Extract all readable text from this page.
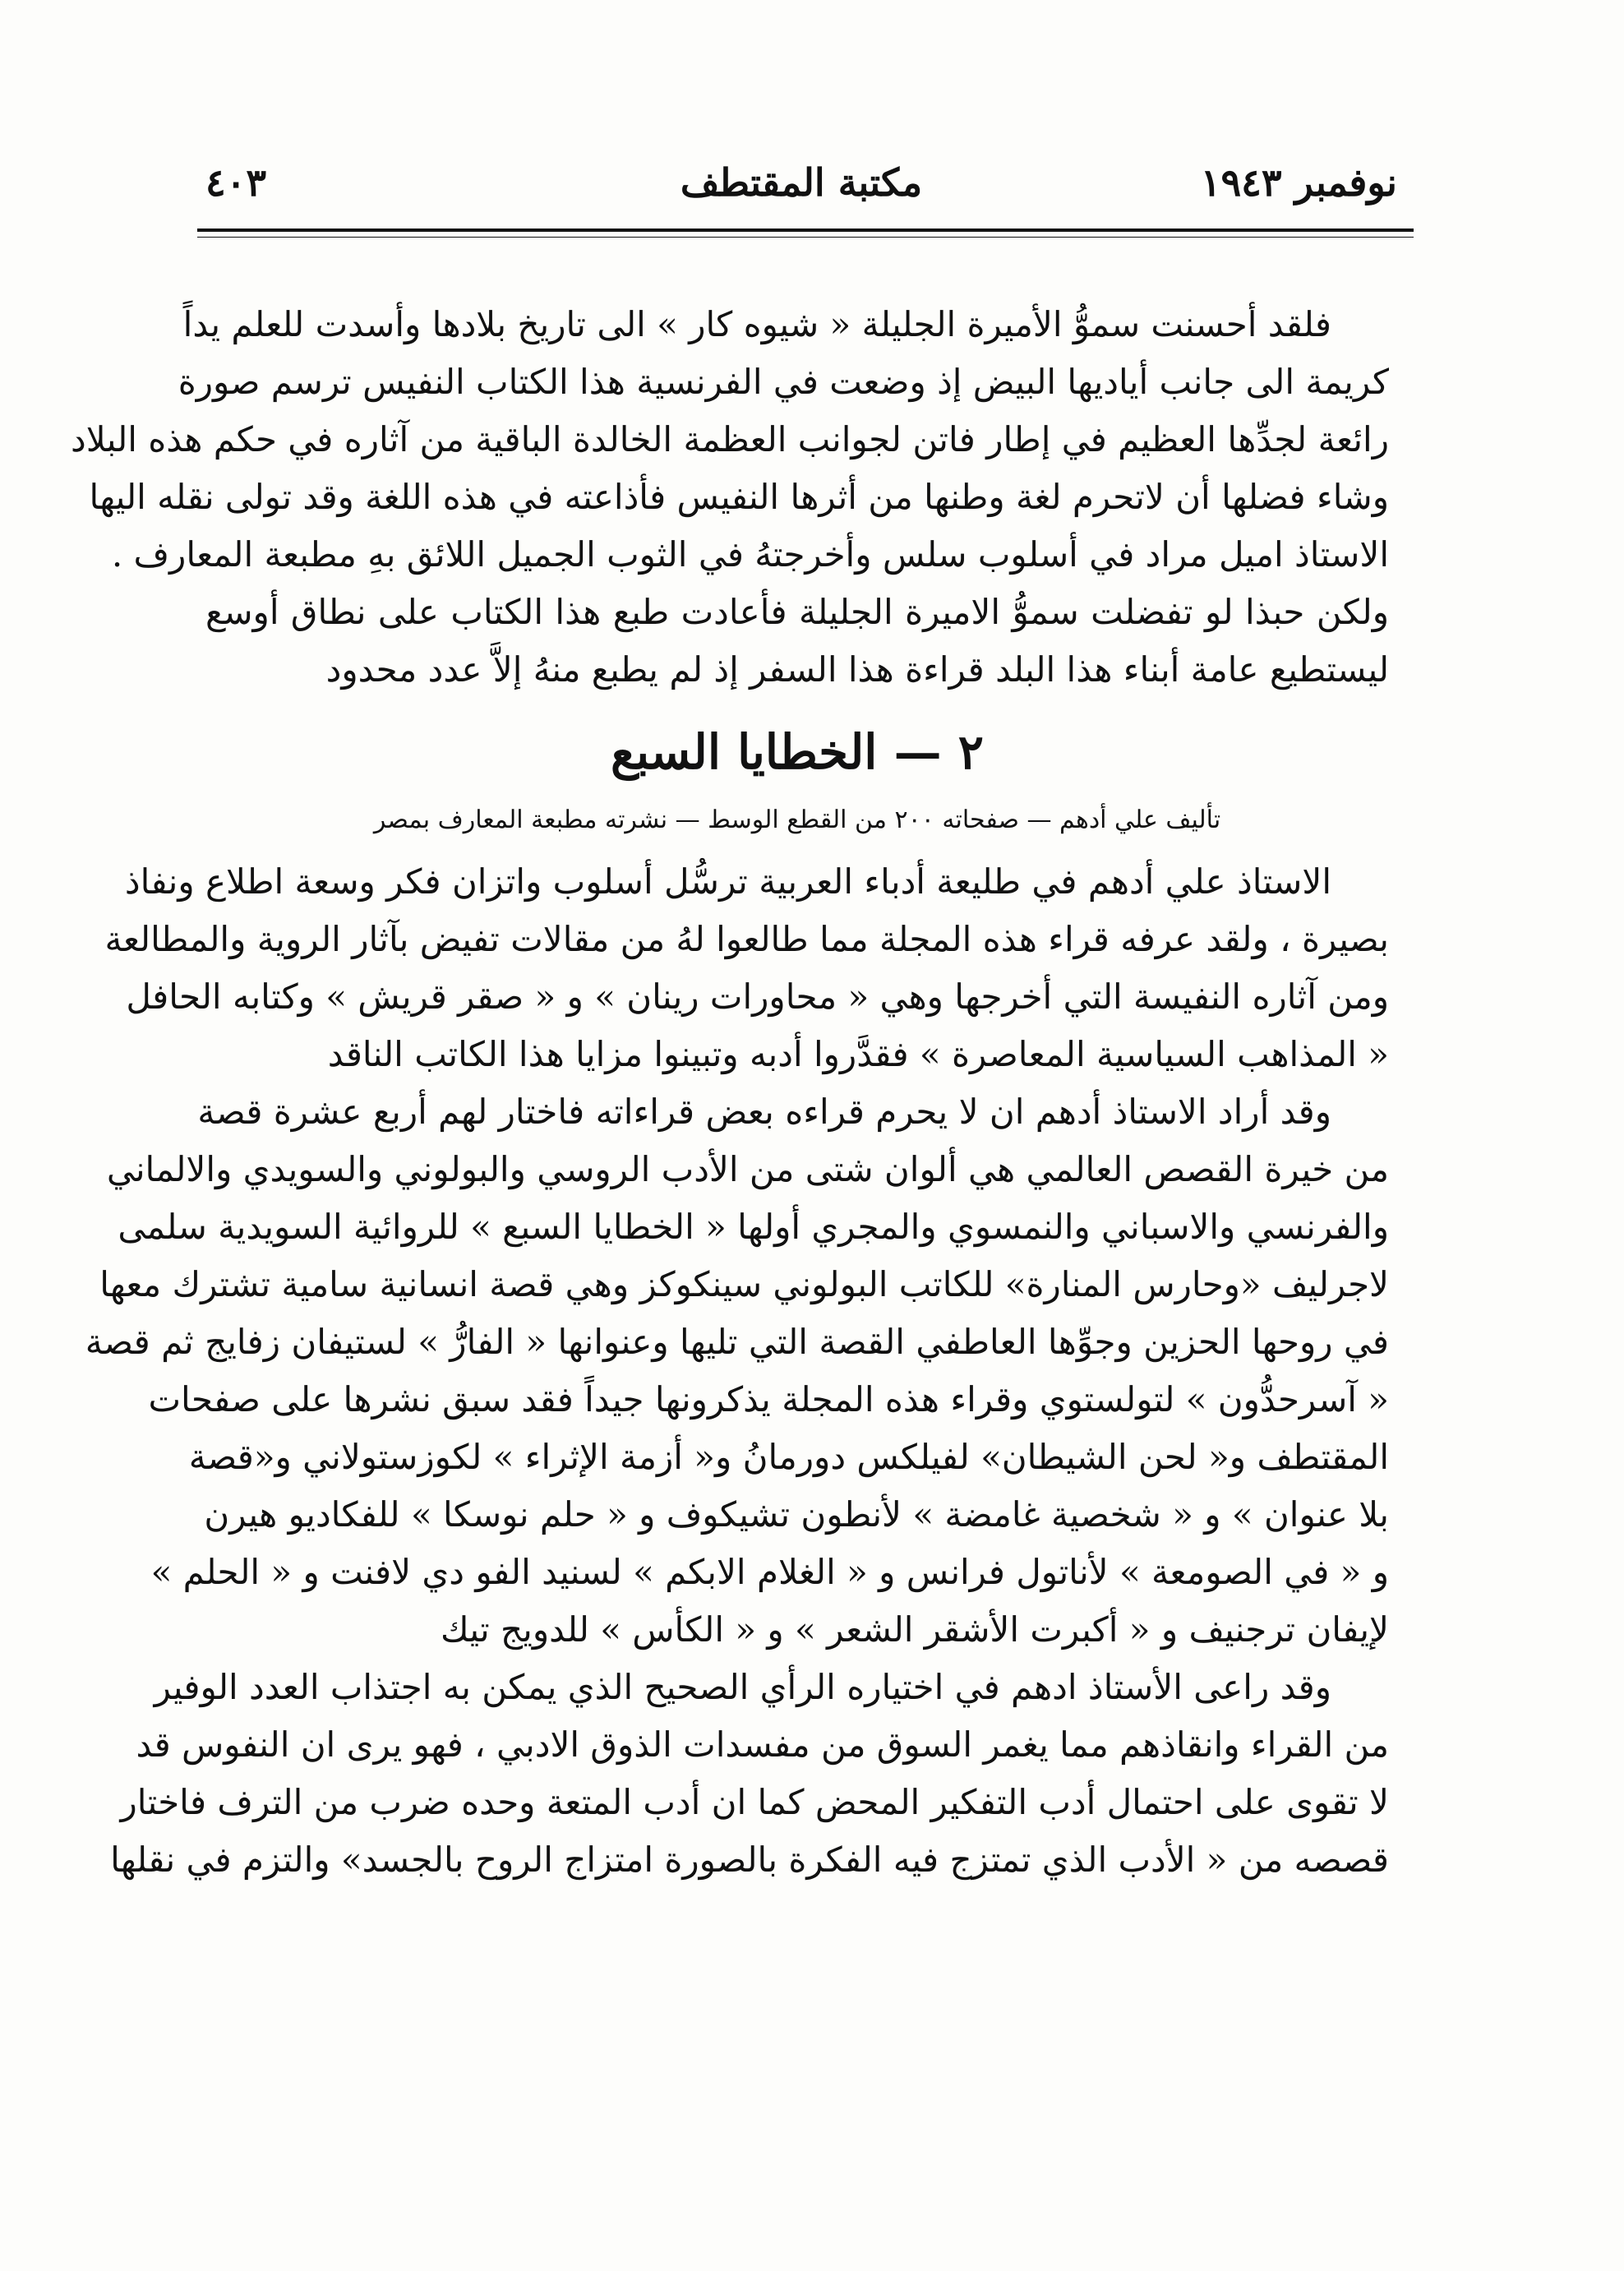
٤٠٣	مكتبة المقتطف	نوفمبر ١٩٤٣
فلقد أحسنت سموُّ الأميرة الجليلة « شيوه كار » الى تاريخ بلادها وأسدت للعلم يداً
كريمة الى جانب أياديها البيض إذ وضعت في الفرنسية هذا الكتاب النفيس ترسم صورة
رائعة لجدِّها العظيم في إطار فاتن لجوانب العظمة الخالدة الباقية من آثاره في حكم هذه البلاد
وشاء فضلها أن لاتحرم لغة وطنها من أثرها النفيس فأذاعته في هذه اللغة وقد تولى نقله اليها
الاستاذ اميل مراد في أسلوب سلس وأخرجتهُ في الثوب الجميل اللائق بهِ مطبعة المعارف .
ولكن حبذا لو تفضلت سموُّ الاميرة الجليلة فأعادت طبع هذا الكتاب على نطاق أوسع
ليستطيع عامة أبناء هذا البلد قراءة هذا السفر إذ لم يطبع منهُ إلاَّ عدد محدود
٢ — الخطايا السبع
تأليف علي أدهم — صفحاته ٢٠٠ من القطع الوسط — نشرته مطبعة المعارف بمصر
الاستاذ علي أدهم في طليعة أدباء العربية ترسُّل أسلوب واتزان فكر وسعة اطلاع ونفاذ
بصيرة ، ولقد عرفه قراء هذه المجلة مما طالعوا لهُ من مقالات تفيض بآثار الروية والمطالعة
ومن آثاره النفيسة التي أخرجها وهي « محاورات رينان » و « صقر قريش » وكتابه الحافل
« المذاهب السياسية المعاصرة » فقدَّروا أدبه وتبينوا مزايا هذا الكاتب الناقد
وقد أراد الاستاذ أدهم ان لا يحرم قراءه بعض قراءاته فاختار لهم أربع عشرة قصة
من خيرة القصص العالمي هي ألوان شتى من الأدب الروسي والبولوني والسويدي والالماني
والفرنسي والاسباني والنمسوي والمجري أولها « الخطايا السبع » للروائية السويدية سلمى
لاجرليف «وحارس المنارة» للكاتب البولوني سينكوكز وهي قصة انسانية سامية تشترك معها
في روحها الحزين وجوِّها العاطفي القصة التي تليها وعنوانها « الفارُّ » لستيفان زفايج ثم قصة
« آسرحدُّون » لتولستوي وقراء هذه المجلة يذكرونها جيداً فقد سبق نشرها على صفحات
المقتطف و« لحن الشيطان» لفيلكس دورمانُ و« أزمة الإثراء » لكوزستولاني و«قصة
بلا عنوان » و « شخصية غامضة » لأنطون تشيكوف و « حلم نوسكا » للفكاديو هيرن
و « في الصومعة » لأناتول فرانس و « الغلام الابكم » لسنيد الفو دي لافنت و « الحلم »
لإيفان ترجنيف و « أكبرت الأشقر الشعر » و « الكأس » للدويج تيك
وقد راعى الأستاذ ادهم في اختياره الرأي الصحيح الذي يمكن به اجتذاب العدد الوفير
من القراء وانقاذهم مما يغمر السوق من مفسدات الذوق الادبي ، فهو يرى ان النفوس قد
لا تقوى على احتمال أدب التفكير المحض كما ان أدب المتعة وحده ضرب من الترف فاختار
قصصه من « الأدب الذي تمتزج فيه الفكرة بالصورة امتزاج الروح بالجسد» والتزم في نقلها
